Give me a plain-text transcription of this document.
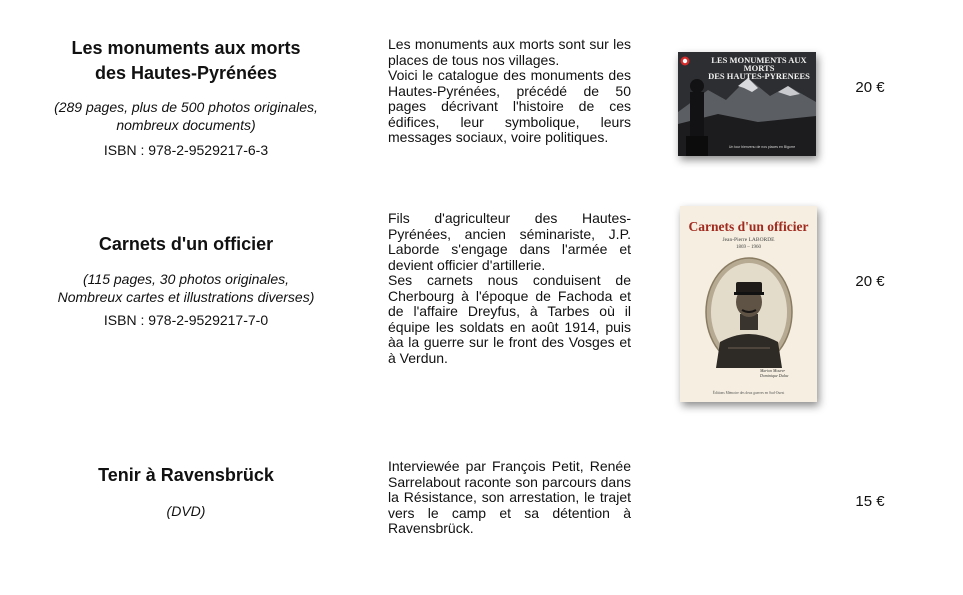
Les monuments aux morts
des Hautes-Pyrénées
(289 pages, plus de 500 photos originales,
nombreux documents)
ISBN : 978-2-9529217-6-3

Les monuments aux morts sont sur les places de tous nos villages.

Voici le catalogue des monuments des Hautes-Pyrénées, précédé de 50 pages décrivant l'histoire de ces édifices, leur symbolique, leurs messages sociaux, voire politiques.

LES MONUMENTS AUX MORTS
DES HAUTES-PYRENEES
Un tour bienvenu de nos places en Bigorre
20 €
Carnets d'un officier
(115 pages, 30 photos originales,
Nombreux cartes et illustrations diverses)
ISBN : 978-2-9529217-7-0

Fils d'agriculteur des Hautes-Pyrénées, ancien séminariste, J.P. Laborde s'engage dans l'armée et devient officier d'artillerie.

Ses carnets nous conduisent de Cherbourg à l'époque de Fachoda et de l'affaire Dreyfus, à Tarbes où il équipe les soldats en août 1914, puis àa la guerre sur le front des Vosges et à Verdun.

Carnets d'un officier
Jean-Pierre LABORDE
1869 – 1960
Marion Mourer
Dominique Dulac
Éditions Mémoire des deux guerres en Sud-Ouest
20 €
Tenir à Ravensbrück
(DVD)

Interviewée par François Petit, Renée Sarrelabout raconte son parcours dans la Résistance, son arrestation, le trajet vers le camp et sa détention à Ravensbrück.

15 €
